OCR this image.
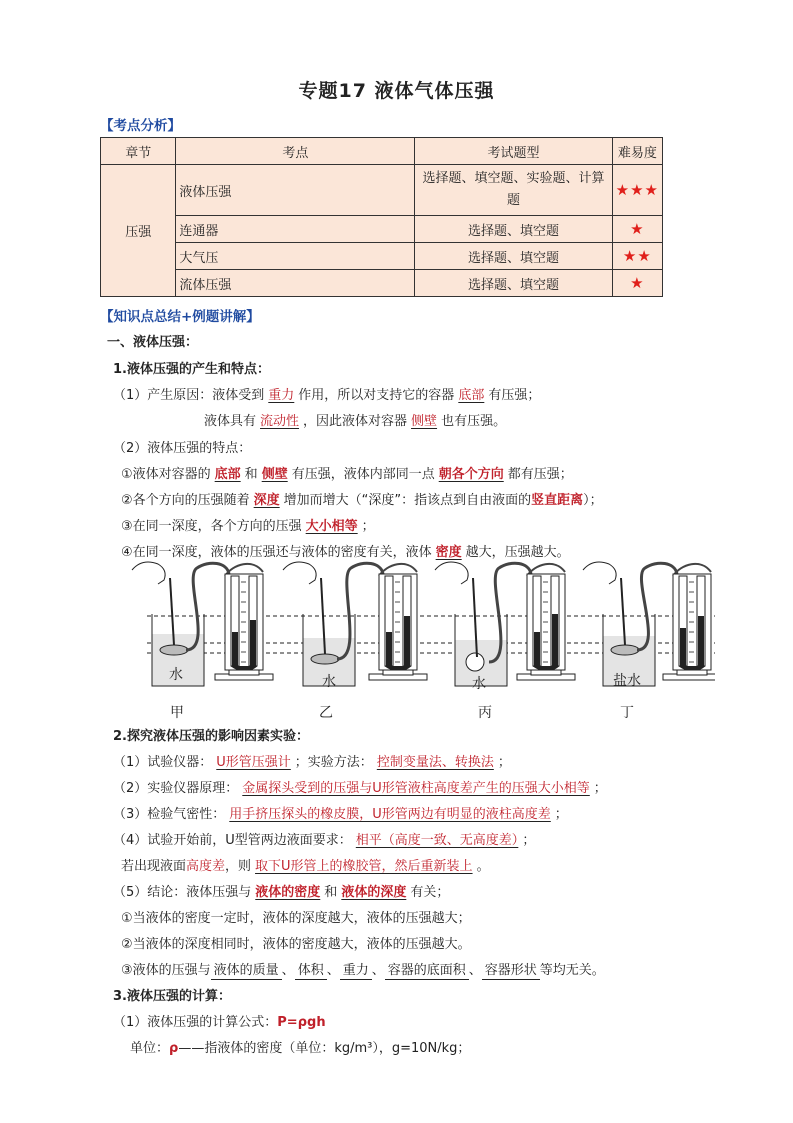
专题17 液体气体压强
【考点分析】
章节	考点	考试题型	难易度
压强	液体压强	选择题、填空题、实验题、计算题	★★★
	连通器	选择题、填空题	★
	大气压	选择题、填空题	★★
	流体压强	选择题、填空题	★
【知识点总结+例题讲解】
一、液体压强：
1.液体压强的产生和特点：
（1）产生原因：液体受到 重力 作用，所以对支持它的容器 底部 有压强；
液体具有 流动性 ，因此液体对容器 侧壁 也有压强。
（2）液体压强的特点：
①液体对容器的 底部 和 侧壁 有压强，液体内部同一点 朝各个方向 都有压强；
②各个方向的压强随着 深度 增加而增大（“深度”：指该点到自由液面的竖直距离）；
③在同一深度，各个方向的压强 大小相等 ；
④在同一深度，液体的压强还与液体的密度有关，液体 密度 越大，压强越大。
水	水	水	盐水
甲	乙	丙	丁
2.探究液体压强的影响因素实验：
（1）试验仪器： U形管压强计 ；实验方法： 控制变量法、转换法 ；
（2）实验仪器原理： 金属探头受到的压强与U形管液柱高度差产生的压强大小相等 ；
（3）检验气密性： 用手挤压探头的橡皮膜，U形管两边有明显的液柱高度差 ；
（4）试验开始前，U型管两边液面要求： 相平（高度一致、无高度差） ；
若出现液面高度差，则 取下U形管上的橡胶管，然后重新装上 。
（5）结论：液体压强与 液体的密度 和 液体的深度 有关；
①当液体的密度一定时，液体的深度越大，液体的压强越大；
②当液体的深度相同时，液体的密度越大，液体的压强越大。
③液体的压强与 液体的质量 、 体积 、 重力 、 容器的底面积 、 容器形状 等均无关。
3.液体压强的计算：
（1）液体压强的计算公式：P=ρgh
单位：ρ——指液体的密度（单位：kg/m³），g=10N/kg；
